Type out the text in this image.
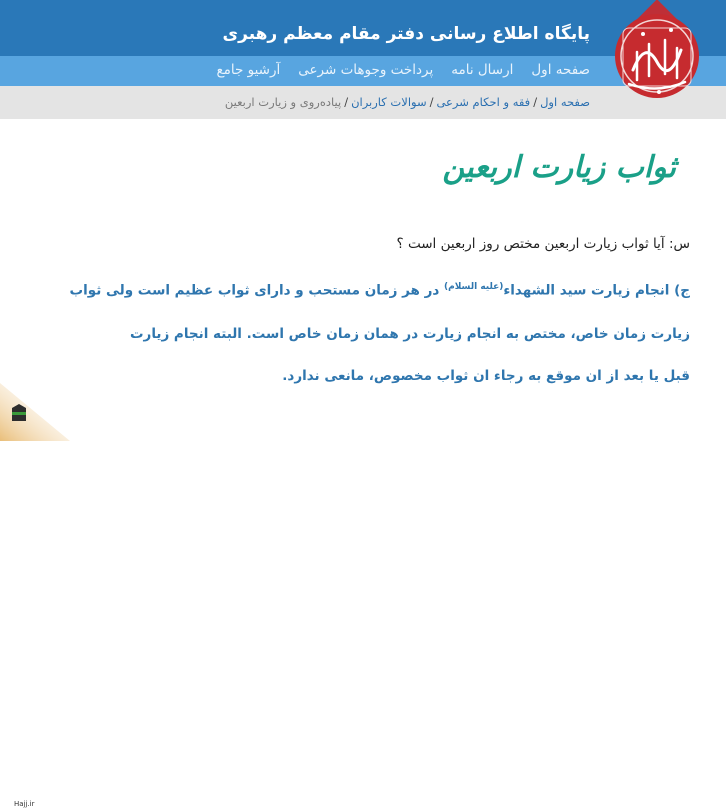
پایگاه اطلاع رسانی دفتر مقام معظم رهبری
صفحه اول
ارسال نامه
پرداخت وجوهات شرعی
آرشیو جامع
صفحه اول
/
فقه و احکام شرعی
/
سوالات کاربران
/
پیاده‌روی و زیارت اربعین
ثواب زیارت اربعین
س: آیا ثواب زیارت اربعین مختص روز اربعین است ؟
ج) انجام زیارت سید الشهداء$^{(علیه السلام)}$ در هر زمان مستحب و دارای ثواب عظیم است ولی ثواب
زیارت زمان خاص، مختص به انجام زیارت در همان زمان خاص است. البته انجام زیارت
قبل یا بعد از ان موقع به رجاء ان ثواب مخصوص، مانعی ندارد.
Hajj.ir
